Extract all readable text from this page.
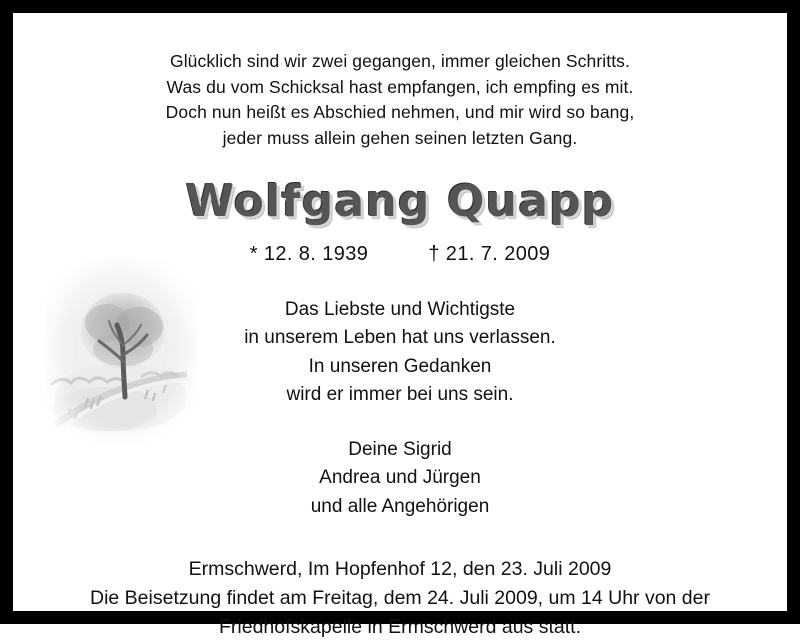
Glücklich sind wir zwei gegangen, immer gleichen Schritts.
Was du vom Schicksal hast empfangen, ich empfing es mit.
Doch nun heißt es Abschied nehmen, und mir wird so bang,
jeder muss allein gehen seinen letzten Gang.
Wolfgang Quapp
* 12. 8. 1939	† 21. 7. 2009
Das Liebste und Wichtigste
in unserem Leben hat uns verlassen.
In unseren Gedanken
wird er immer bei uns sein.
Deine Sigrid
Andrea und Jürgen
und alle Angehörigen
Ermschwerd, Im Hopfenhof 12, den 23. Juli 2009
Die Beisetzung findet am Freitag, dem 24. Juli 2009, um 14 Uhr von der
Friedhofskapelle in Ermschwerd aus statt.
